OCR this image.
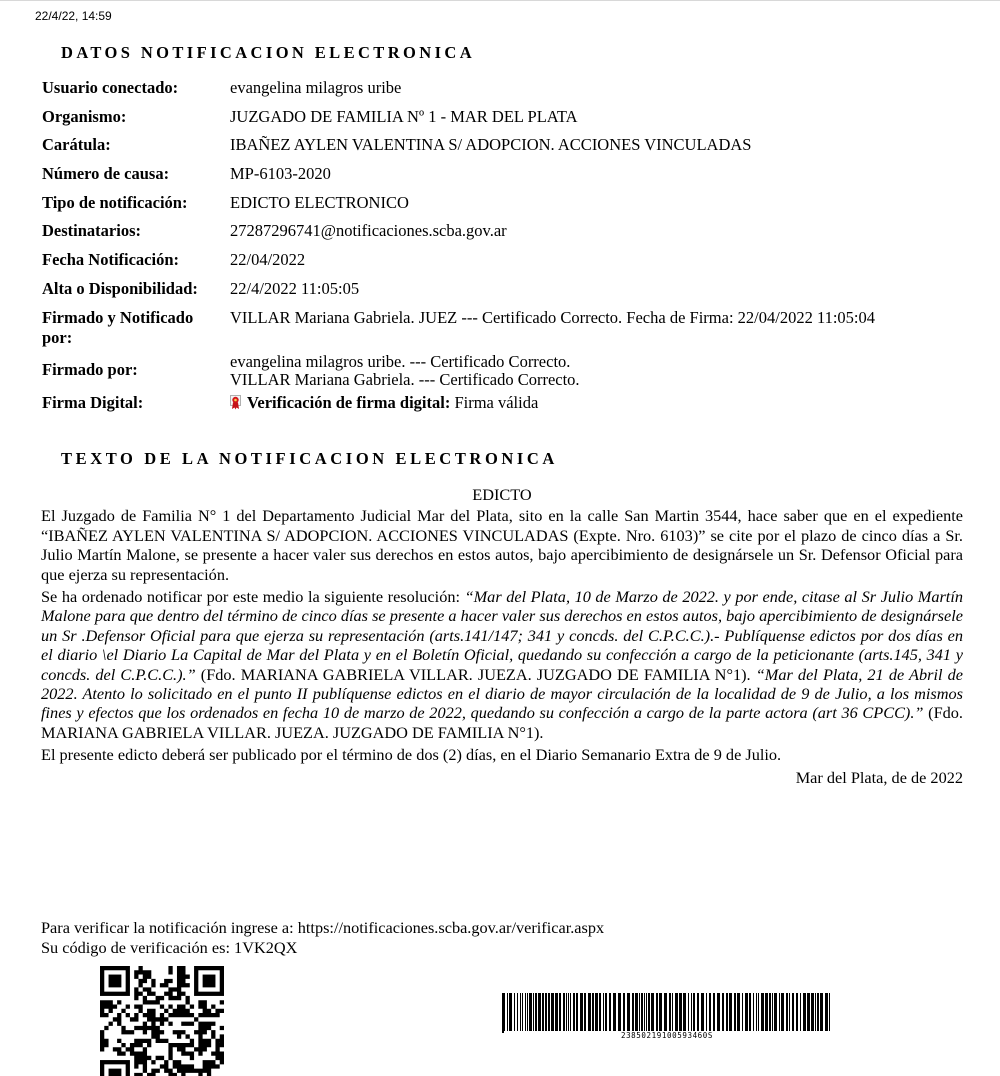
22/4/22, 14:59
DATOS NOTIFICACION ELECTRONICA
Usuario conectado:	evangelina milagros uribe
Organismo:	JUZGADO DE FAMILIA Nº 1 - MAR DEL PLATA
Carátula:	IBAÑEZ AYLEN VALENTINA S/ ADOPCION. ACCIONES VINCULADAS
Número de causa:	MP-6103-2020
Tipo de notificación:	EDICTO ELECTRONICO
Destinatarios:	27287296741@notificaciones.scba.gov.ar
Fecha Notificación:	22/04/2022
Alta o Disponibilidad:	22/4/2022 11:05:05
Firmado y Notificado por:	VILLAR Mariana Gabriela. JUEZ --- Certificado Correcto. Fecha de Firma: 22/04/2022 11:05:04
Firmado por:	evangelina milagros uribe. --- Certificado Correcto.
VILLAR Mariana Gabriela. --- Certificado Correcto.

Firma Digital:	Verificación de firma digital: Firma válida
TEXTO DE LA NOTIFICACION ELECTRONICA

EDICTO

El Juzgado de Familia N° 1 del Departamento Judicial Mar del Plata, sito en la calle San Martin 3544, hace saber que en el expediente “IBAÑEZ AYLEN VALENTINA S/ ADOPCION. ACCIONES VINCULADAS (Expte. Nro. 6103)” se cite por el plazo de cinco días a Sr. Julio Martín Malone, se presente a hacer valer sus derechos en estos autos, bajo apercibimiento de designársele un Sr. Defensor Oficial para que ejerza su representación.

Se ha ordenado notificar por este medio la siguiente resolución: “Mar del Plata, 10 de Marzo de 2022. y por ende, citase al Sr Julio Martín Malone para que dentro del término de cinco días se presente a hacer valer sus derechos en estos autos, bajo apercibimiento de designársele un Sr .Defensor Oficial para que ejerza su representación (arts.141/147; 341 y concds. del C.P.C.C.).- Publíquense edictos por dos días en el diario \el Diario La Capital de Mar del Plata y en el Boletín Oficial, quedando su confección a cargo de la peticionante (arts.145, 341 y concds. del C.P.C.C.).” (Fdo. MARIANA GABRIELA VILLAR. JUEZA. JUZGADO DE FAMILIA N°1). “Mar del Plata, 21 de Abril de 2022. Atento lo solicitado en el punto II publíquense edictos en el diario de mayor circulación de la localidad de 9 de Julio, a los mismos fines y efectos que los ordenados en fecha 10 de marzo de 2022, quedando su confección a cargo de la parte actora (art 36 CPCC).” (Fdo. MARIANA GABRIELA VILLAR. JUEZA. JUZGADO DE FAMILIA N°1).

El presente edicto deberá ser publicado por el término de dos (2) días, en el Diario Semanario Extra de 9 de Julio.

Mar del Plata, de de 2022

Para verificar la notificación ingrese a: https://notificaciones.scba.gov.ar/verificar.aspx
Su código de verificación es: 1VK2QX
23850219100593460S
